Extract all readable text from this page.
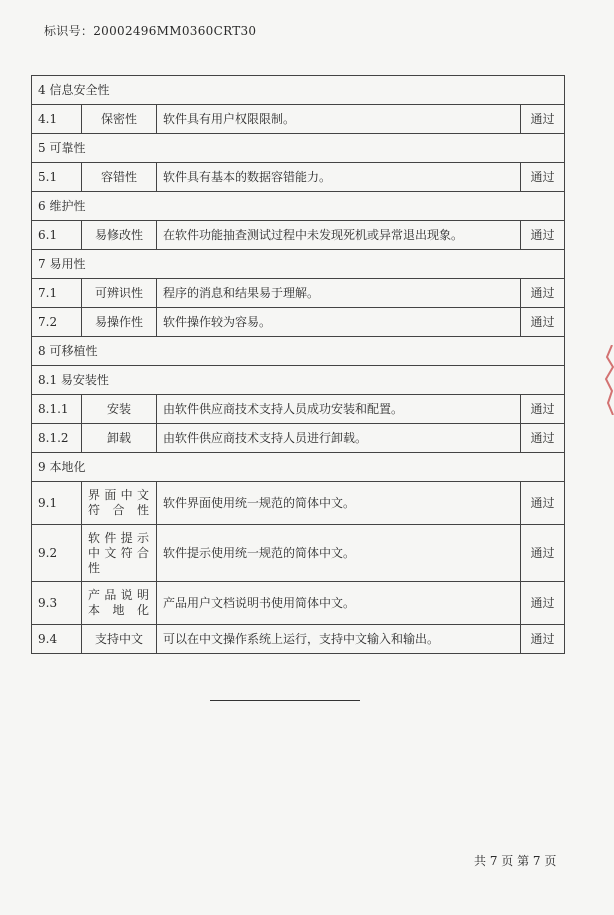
标识号：20002496MM0360CRT30
4 信息安全性			
4.1	保密性	软件具有用户权限限制。	通过
5 可靠性			
5.1	容错性	软件具有基本的数据容错能力。	通过
6 维护性			
6.1	易修改性	在软件功能抽查测试过程中未发现死机或异常退出现象。	通过
7 易用性			
7.1	可辨识性	程序的消息和结果易于理解。	通过
7.2	易操作性	软件操作较为容易。	通过
8 可移植性			
8.1 易安装性			
8.1.1	安装	由软件供应商技术支持人员成功安装和配置。	通过
8.1.2	卸载	由软件供应商技术支持人员进行卸载。	通过
9 本地化			
9.1	界面中文符合性	软件界面使用统一规范的简体中文。	通过
9.2	软件提示中文符合性	软件提示使用统一规范的简体中文。	通过
9.3	产品说明本地化	产品用户文档说明书使用简体中文。	通过
9.4	支持中文	可以在中文操作系统上运行，支持中文输入和输出。	通过
共 7 页 第 7 页
